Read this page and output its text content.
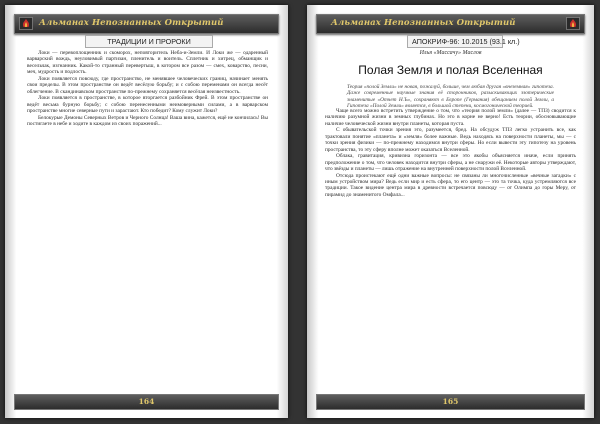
Альманах Непознанных Открытий
ТРАДИЦИИ И ПРОРОКИ

Локи — перевоплощенник и скоморох, неповторитель Неба-и-Земли. И Локи же — одаренный варварский вождь, неуловимый партизан, пленитель и воитель. Сплетник и хитрец, обманщик и весельчак, изгнанник. Какой-то странный перевертыш, в котором все разом — смех, коварство, песни, меч, мудрость и подлость.

Локи появляется повсюду, где пространство, не менявшее человеческих границ, начинает менять свои пределы. В этом пространстве он ведёт весёлую борьбу; и с собою переменами он всегда несёт облегчение. В скандинавском пространстве по-прежнему сохраняется весёлая неизвестность.

Локи появляется в пространстве, в которое вторгается разбойник Фрей. В этом пространстве он ведёт весьма бурную борьбу; с собою перенесенными неимоверными силами, а в варварском пространстве многие северные пути и зарастают. Кто победит? Кому служит Локи?

Белокурые Демоны Северных Ветров и Черного Солнца! Ваша вина, кажется, ещё не кончилась! Вы постигаете в небе и ходите в каждом из своих поражений...

164
Альманах Непознанных Открытий
АПОКРИФ-96: 10.2015 (93.1 кл.)
Илья «Массачу» Маслов
Полая Земля и полая Вселенная
Теория «полой Земли» не новая, пожалуй, больше, чем любая другая «внеземная» гипотеза. Даже современные научные знания её сторонников, разыскивающих эзотерические знаменитые «Отчет Н.Ъ», сохраняют в Европе (Германия) обещанием полой Земли, а Гипотеза «Полой Земли» является, в большой степени, космогонической теорией.

Чаще всего можно встретить утверждение о том, что «теория полой земли» (далее — ТПЗ) сводится к наличию разумной жизни в земных глубинах. Но это в корне не верно! Есть теории, обосновывающие наличие человеческой жизни внутри планеты, которая пуста.

С обывательской точки зрения это, разумеется, бред. На обсудуж ТПЗ легко устранить все, как трактовали понятие «планета» и «земля» более важные. Ведь находясь на поверхности планеты, мы — с точки зрения физики — по-прежнему находимся внутри сферы. Но если вывести эту гипотезу на уровень пространства, то эту сферу вполне может оказаться Вселенной.

Облака, гравитация, кривизна горизонта — все это якобы объясняется иначе, если принять предположение о том, что человек находится внутри сферы, а не снаружи её. Некоторые авторы утверждают, что звёзды и планеты — лишь отражение на внутренней поверхности полой Вселенной.

Отсюда проистекают ещё одни важные вопросы: не связаны ли многочисленные «вечные загадки» с иным устройством мира? Ведь если мир и есть сфера, то его центр — это та точка, куда устремляются все традиции. Такое видение центра мира в древности встречается повсюду — от Олимпа до горы Меру, от пирамид до знаменитого Омфала...

165
